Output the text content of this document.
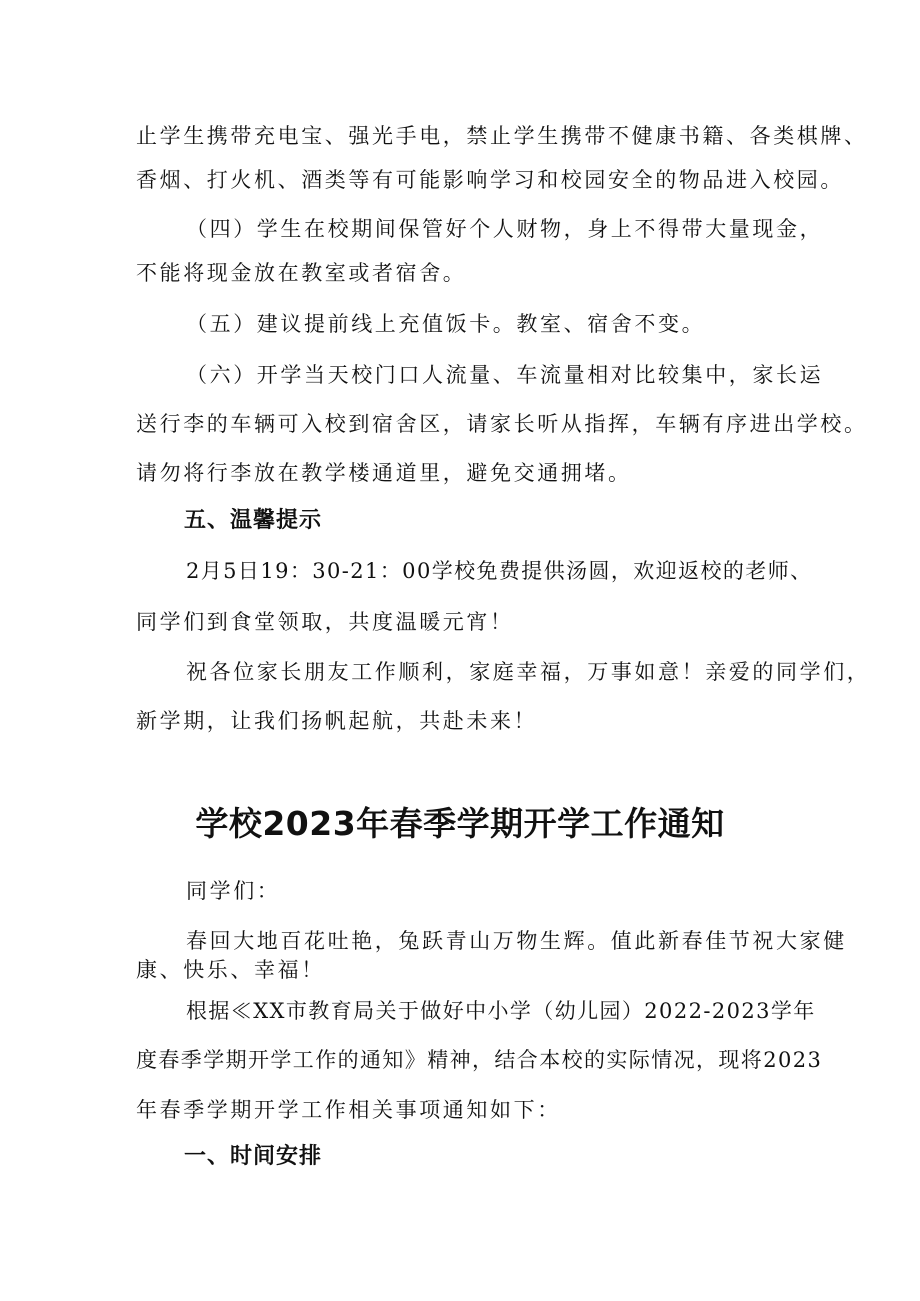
止学生携带充电宝、强光手电，禁止学生携带不健康书籍、各类棋牌、

香烟、打火机、酒类等有可能影响学习和校园安全的物品进入校园。

（四）学生在校期间保管好个人财物，身上不得带大量现金，

不能将现金放在教室或者宿舍。

（五）建议提前线上充值饭卡。教室、宿舍不变。

（六）开学当天校门口人流量、车流量相对比较集中，家长运

送行李的车辆可入校到宿舍区，请家长听从指挥，车辆有序进出学校。

请勿将行李放在教学楼通道里，避免交通拥堵。

五、温馨提示

2月5日19：30-21：00学校免费提供汤圆，欢迎返校的老师、

同学们到食堂领取，共度温暖元宵！

祝各位家长朋友工作顺利，家庭幸福，万事如意！亲爱的同学们，

新学期，让我们扬帆起航，共赴未来！

学校2023年春季学期开学工作通知

同学们：

春回大地百花吐艳，兔跃青山万物生辉。值此新春佳节祝大家健

康、快乐、幸福！

根据≪XX市教育局关于做好中小学（幼儿园）2022-2023学年

度春季学期开学工作的通知》精神，结合本校的实际情况，现将2023

年春季学期开学工作相关事项通知如下：

一、时间安排
